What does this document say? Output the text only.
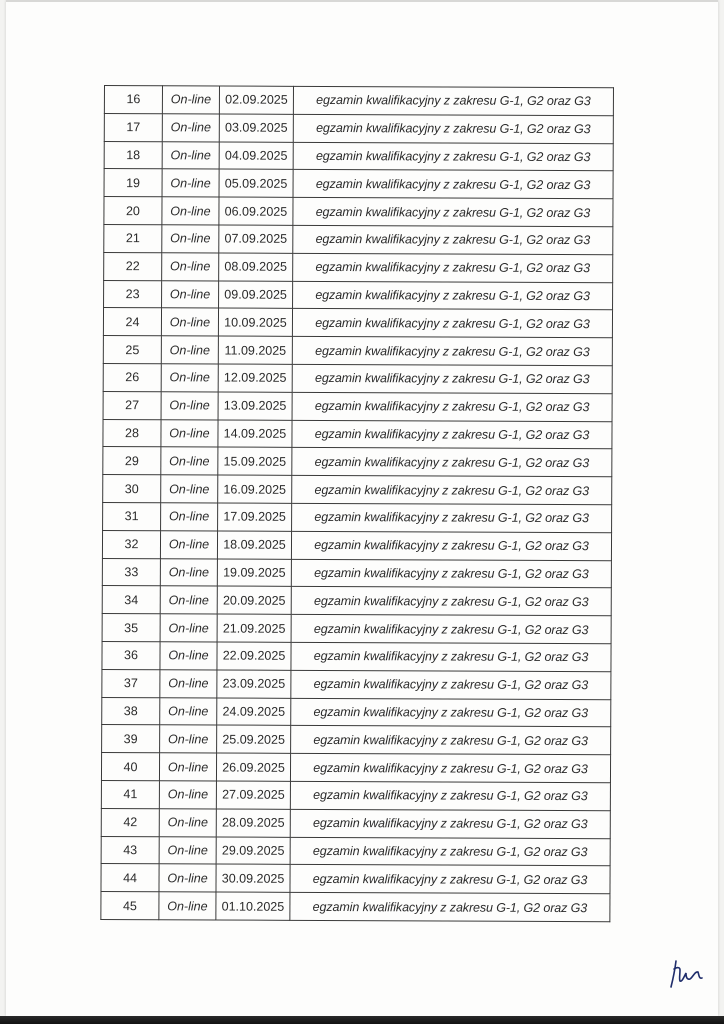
16	On-line	02.09.2025	egzamin kwalifikacyjny z zakresu G-1, G2 oraz G3
17	On-line	03.09.2025	egzamin kwalifikacyjny z zakresu G-1, G2 oraz G3
18	On-line	04.09.2025	egzamin kwalifikacyjny z zakresu G-1, G2 oraz G3
19	On-line	05.09.2025	egzamin kwalifikacyjny z zakresu G-1, G2 oraz G3
20	On-line	06.09.2025	egzamin kwalifikacyjny z zakresu G-1, G2 oraz G3
21	On-line	07.09.2025	egzamin kwalifikacyjny z zakresu G-1, G2 oraz G3
22	On-line	08.09.2025	egzamin kwalifikacyjny z zakresu G-1, G2 oraz G3
23	On-line	09.09.2025	egzamin kwalifikacyjny z zakresu G-1, G2 oraz G3
24	On-line	10.09.2025	egzamin kwalifikacyjny z zakresu G-1, G2 oraz G3
25	On-line	11.09.2025	egzamin kwalifikacyjny z zakresu G-1, G2 oraz G3
26	On-line	12.09.2025	egzamin kwalifikacyjny z zakresu G-1, G2 oraz G3
27	On-line	13.09.2025	egzamin kwalifikacyjny z zakresu G-1, G2 oraz G3
28	On-line	14.09.2025	egzamin kwalifikacyjny z zakresu G-1, G2 oraz G3
29	On-line	15.09.2025	egzamin kwalifikacyjny z zakresu G-1, G2 oraz G3
30	On-line	16.09.2025	egzamin kwalifikacyjny z zakresu G-1, G2 oraz G3
31	On-line	17.09.2025	egzamin kwalifikacyjny z zakresu G-1, G2 oraz G3
32	On-line	18.09.2025	egzamin kwalifikacyjny z zakresu G-1, G2 oraz G3
33	On-line	19.09.2025	egzamin kwalifikacyjny z zakresu G-1, G2 oraz G3
34	On-line	20.09.2025	egzamin kwalifikacyjny z zakresu G-1, G2 oraz G3
35	On-line	21.09.2025	egzamin kwalifikacyjny z zakresu G-1, G2 oraz G3
36	On-line	22.09.2025	egzamin kwalifikacyjny z zakresu G-1, G2 oraz G3
37	On-line	23.09.2025	egzamin kwalifikacyjny z zakresu G-1, G2 oraz G3
38	On-line	24.09.2025	egzamin kwalifikacyjny z zakresu G-1, G2 oraz G3
39	On-line	25.09.2025	egzamin kwalifikacyjny z zakresu G-1, G2 oraz G3
40	On-line	26.09.2025	egzamin kwalifikacyjny z zakresu G-1, G2 oraz G3
41	On-line	27.09.2025	egzamin kwalifikacyjny z zakresu G-1, G2 oraz G3
42	On-line	28.09.2025	egzamin kwalifikacyjny z zakresu G-1, G2 oraz G3
43	On-line	29.09.2025	egzamin kwalifikacyjny z zakresu G-1, G2 oraz G3
44	On-line	30.09.2025	egzamin kwalifikacyjny z zakresu G-1, G2 oraz G3
45	On-line	01.10.2025	egzamin kwalifikacyjny z zakresu G-1, G2 oraz G3
